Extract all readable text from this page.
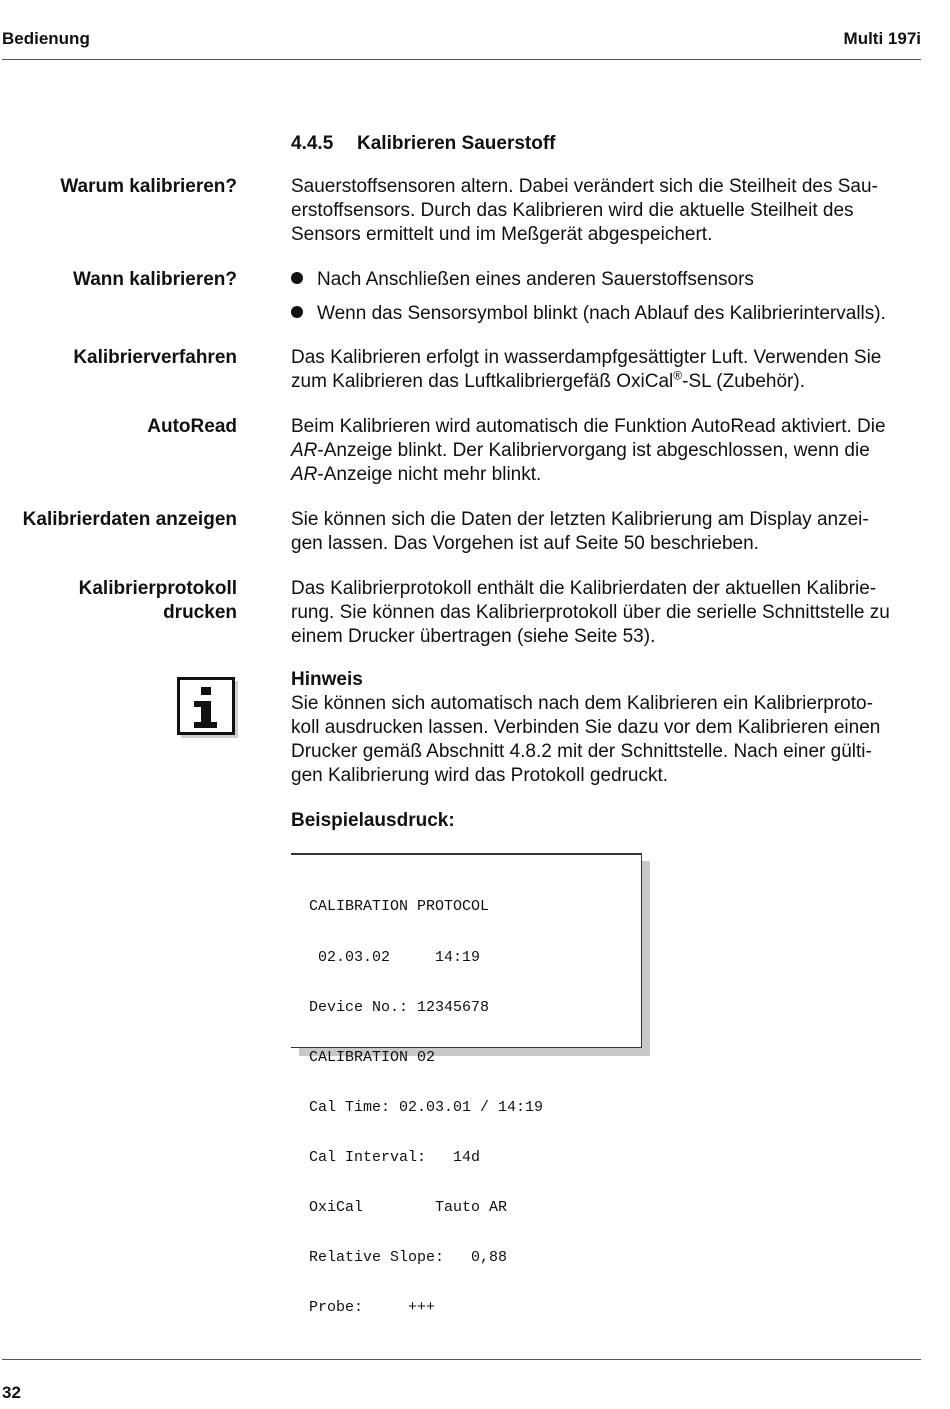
Bedienung	Multi 197i
4.4.5 Kalibrieren Sauerstoff
Warum kalibrieren?	Sauerstoffsensoren altern. Dabei verändert sich die Steilheit des Sau-
erstoffsensors. Durch das Kalibrieren wird die aktuelle Steilheit des
Sensors ermittelt und im Meßgerät abgespeichert.
Wann kalibrieren?	Nach Anschließen eines anderen Sauerstoffsensors
Wenn das Sensorsymbol blinkt (nach Ablauf des Kalibrierintervalls).
Kalibrierverfahren	Das Kalibrieren erfolgt in wasserdampfgesättigter Luft. Verwenden Sie
zum Kalibrieren das Luftkalibriergefäß OxiCal®-SL (Zubehör).
AutoRead	Beim Kalibrieren wird automatisch die Funktion AutoRead aktiviert. Die
AR-Anzeige blinkt. Der Kalibriervorgang ist abgeschlossen, wenn die
AR-Anzeige nicht mehr blinkt.
Kalibrierdaten anzeigen	Sie können sich die Daten der letzten Kalibrierung am Display anzei-
gen lassen. Das Vorgehen ist auf Seite 50 beschrieben.
Kalibrierprotokoll
drucken
Das Kalibrierprotokoll enthält die Kalibrierdaten der aktuellen Kalibrie-
rung. Sie können das Kalibrierprotokoll über die serielle Schnittstelle zu
einem Drucker übertragen (siehe Seite 53).
Hinweis
Sie können sich automatisch nach dem Kalibrieren ein Kalibrierproto-
koll ausdrucken lassen. Verbinden Sie dazu vor dem Kalibrieren einen
Drucker gemäß Abschnitt 4.8.2 mit der Schnittstelle. Nach einer gülti-
gen Kalibrierung wird das Protokoll gedruckt.
Beispielausdruck:

CALIBRATION PROTOCOL

02.03.02     14:19

Device No.: 12345678

CALIBRATION 02

Cal Time: 02.03.01 / 14:19

Cal Interval:   14d

OxiCal        Tauto AR

Relative Slope:   0,88

Probe:     +++

32
